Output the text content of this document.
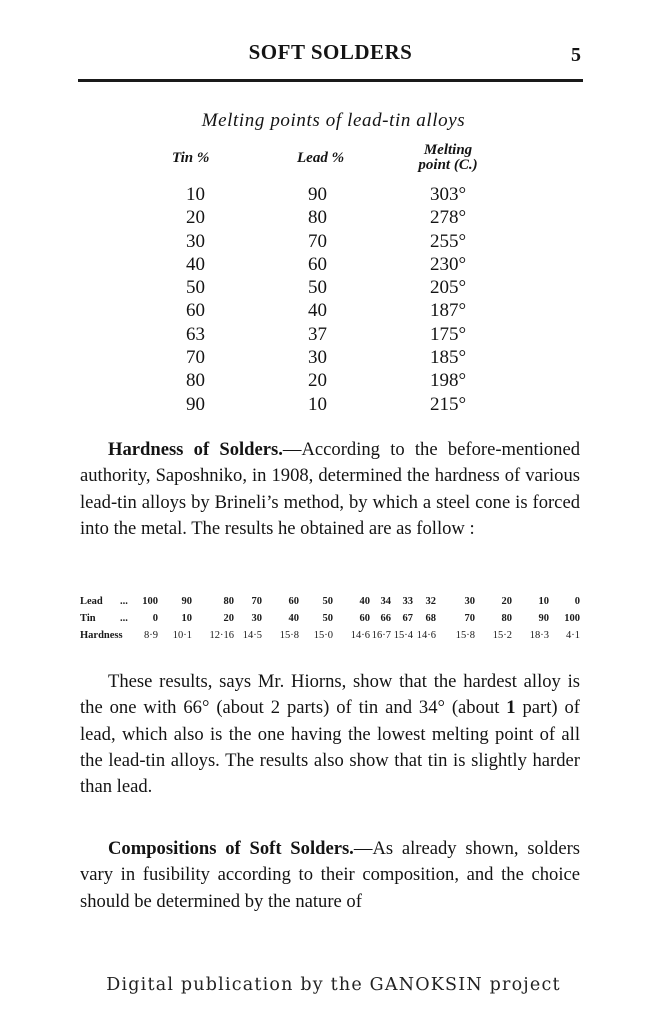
SOFT SOLDERS	5
Melting points of lead-tin alloys
Tin %	Lead %	Melting
point (C.)
10	90	303°
20	80	278°
30	70	255°
40	60	230°
50	50	205°
60	40	187°
63	37	175°
70	30	185°
80	20	198°
90	10	215°

Hardness of Solders.—According to the before-mentioned authority, Saposhniko, in 1908, determined the hardness of various lead-tin alloys by Brineli’s method, by which a steel cone is forced into the metal. The results he obtained are as follow :

Lead ... 100 90	80 70	60 50	40 34 33 32	30	20	10 0
Tin ... 0 10	20 30	40 50	60 66 67 68	70	80	90 100
Hardness 8·9 10·1 12·16 14·5 15·8 15·0 14·6 16·7 15·4 14·6 15·8 15·2 18·3 4·1

These results, says Mr. Hiorns, show that the hardest alloy is the one with 66° (about 2 parts) of tin and 34° (about 1 part) of lead, which also is the one having the lowest melting point of all the lead-tin alloys. The results also show that tin is slightly harder than lead.

Compositions of Soft Solders.—As already shown, solders vary in fusibility according to their composition, and the choice should be determined by the nature of

Digital publication by the GANOKSIN project
